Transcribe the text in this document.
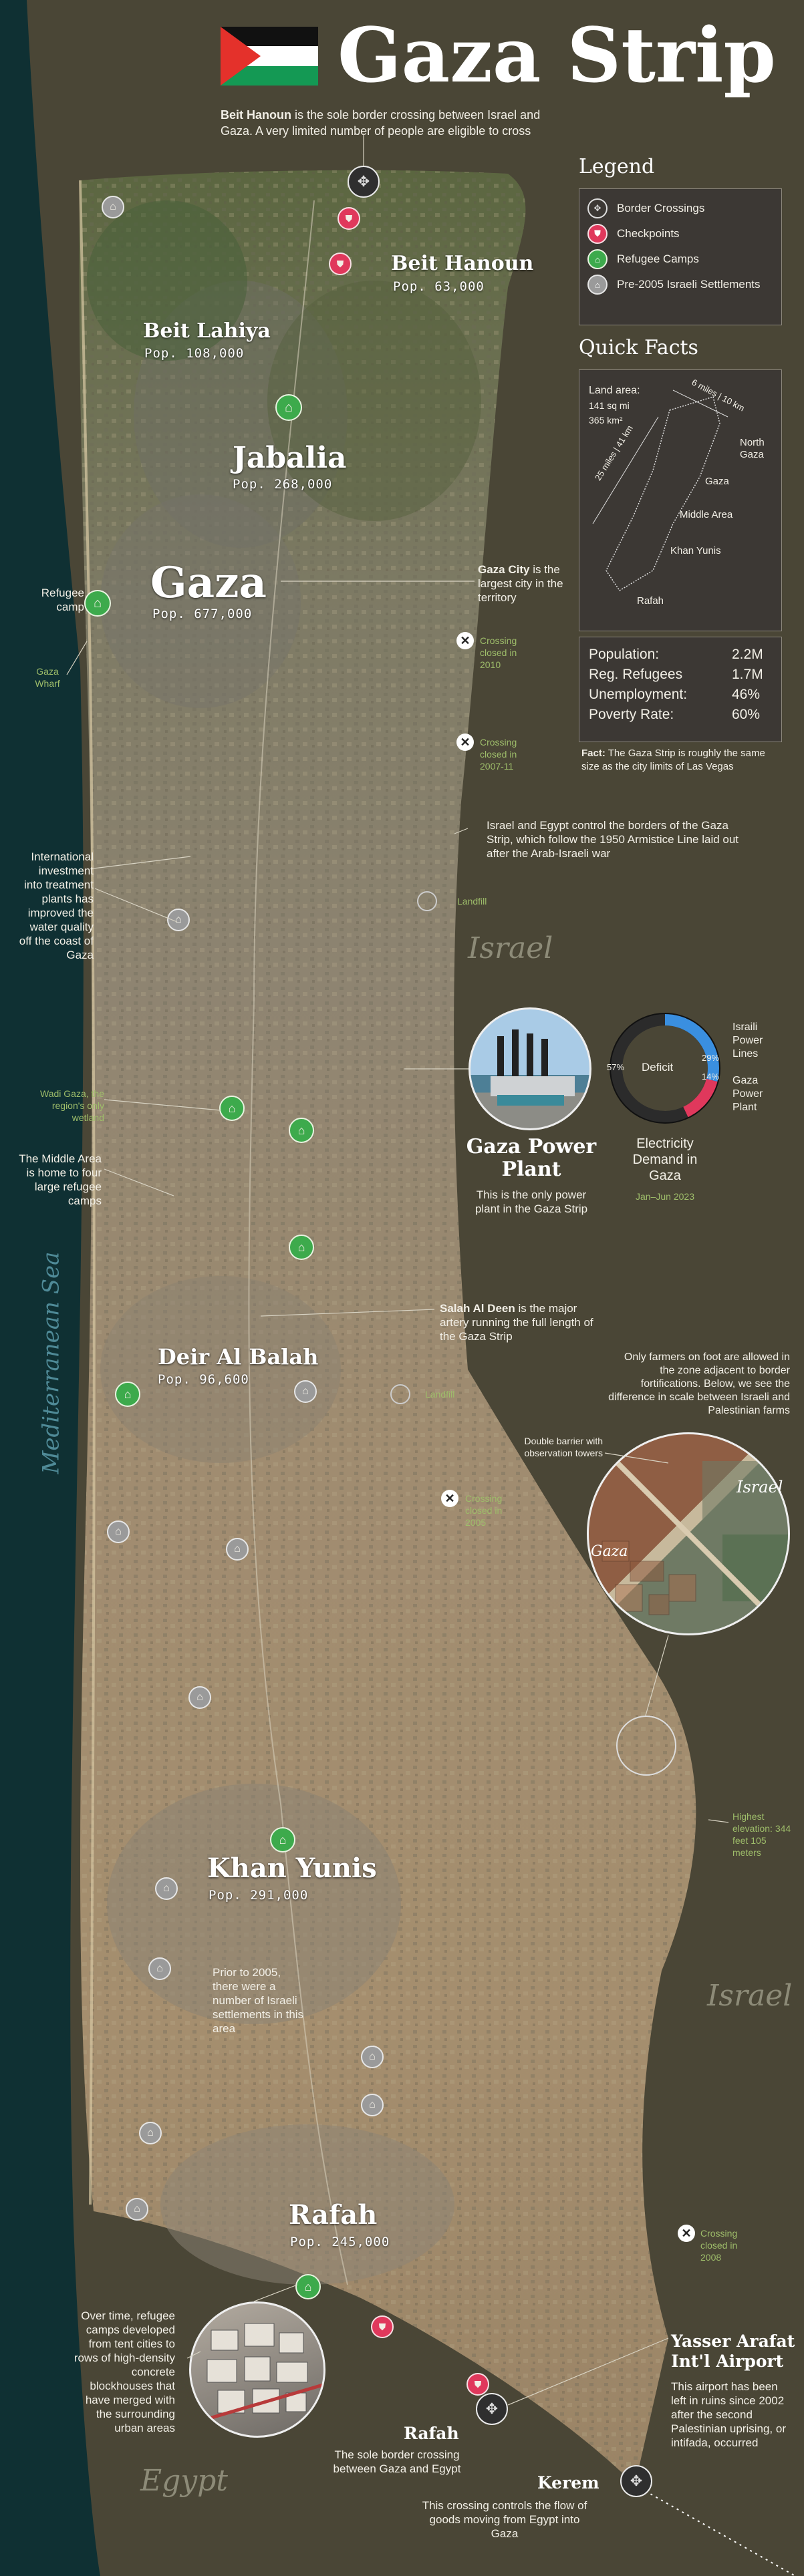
Gaza Strip
Beit Hanoun is the sole border crossing between Israel and Gaza. A very limited number of people are eligible to cross
Legend
✥	Border Crossings
⛊	Checkpoints
⌂	Refugee Camps
⌂	Pre-2005 Israeli Settlements
Quick Facts
Land area:
141 sq mi
365 km²
6 miles | 10 km
25 miles | 41 km	North Gaza
Gaza
Middle Area
Khan Yunis
Rafah
Population:	2.2M
Reg. Refugees	1.7M
Unemployment:	46%
Poverty Rate:	60%
Fact: The Gaza Strip is roughly the same size as the city limits of Las Vegas
Beit Hanoun
Pop. 63,000
Beit Lahiya
Pop. 108,000
Jabalia
Pop. 268,000
Gaza
Pop. 677,000
Deir Al Balah
Pop. 96,600
Khan Yunis
Pop. 291,000
Rafah
Pop. 245,000
Israel
Israel
Egypt
Mediterranean Sea
✥
✥
✥
✕
✕
✕
✕
⛊
⛊
⛊
⛊
⌂
⌂
⌂
⌂
⌂
⌂
⌂
⌂
⌂
⌂
⌂
⌂
⌂
⌂
⌂
⌂
⌂
⌂
⌂
⌂
Refugee camp
Gaza Wharf
Gaza City is the largest city in the territory
Crossing closed in 2010
Crossing closed in 2007-11
Israel and Egypt control the borders of the Gaza Strip, which follow the 1950 Armistice Line laid out after the Arab-Israeli war
Landfill
Landfill
International investment into treatment plants has improved the water quality off the coast of Gaza
Wadi Gaza, the region's only wetland
The Middle Area is home to four large refugee camps
Salah Al Deen is the major artery running the full length of the Gaza Strip
Only farmers on foot are allowed in the zone adjacent to border fortifications. Below, we see the difference in scale between Israeli and Palestinian farms
Double barrier with observation towers
Crossing closed in 2005
Highest elevation: 344 feet 105 meters
Prior to 2005, there were a number of Israeli settlements in this area
Crossing closed in 2008
Over time, refugee camps developed from tent cities to rows of high-density concrete blockhouses that have merged with the surrounding urban areas
Yasser Arafat Int'l Airport
This airport has been left in ruins since 2002 after the second Palestinian uprising, or intifada, occurred
Rafah
The sole border crossing between Gaza and Egypt
Kerem
This crossing controls the flow of goods moving from Egypt into Gaza
Gaza Power Plant
This is the only power plant in the Gaza Strip
Deficit
57%
29%
14%
Israili Power Lines
Gaza Power Plant
Electricity Demand in Gaza
Jan–Jun 2023
Israel
Gaza
